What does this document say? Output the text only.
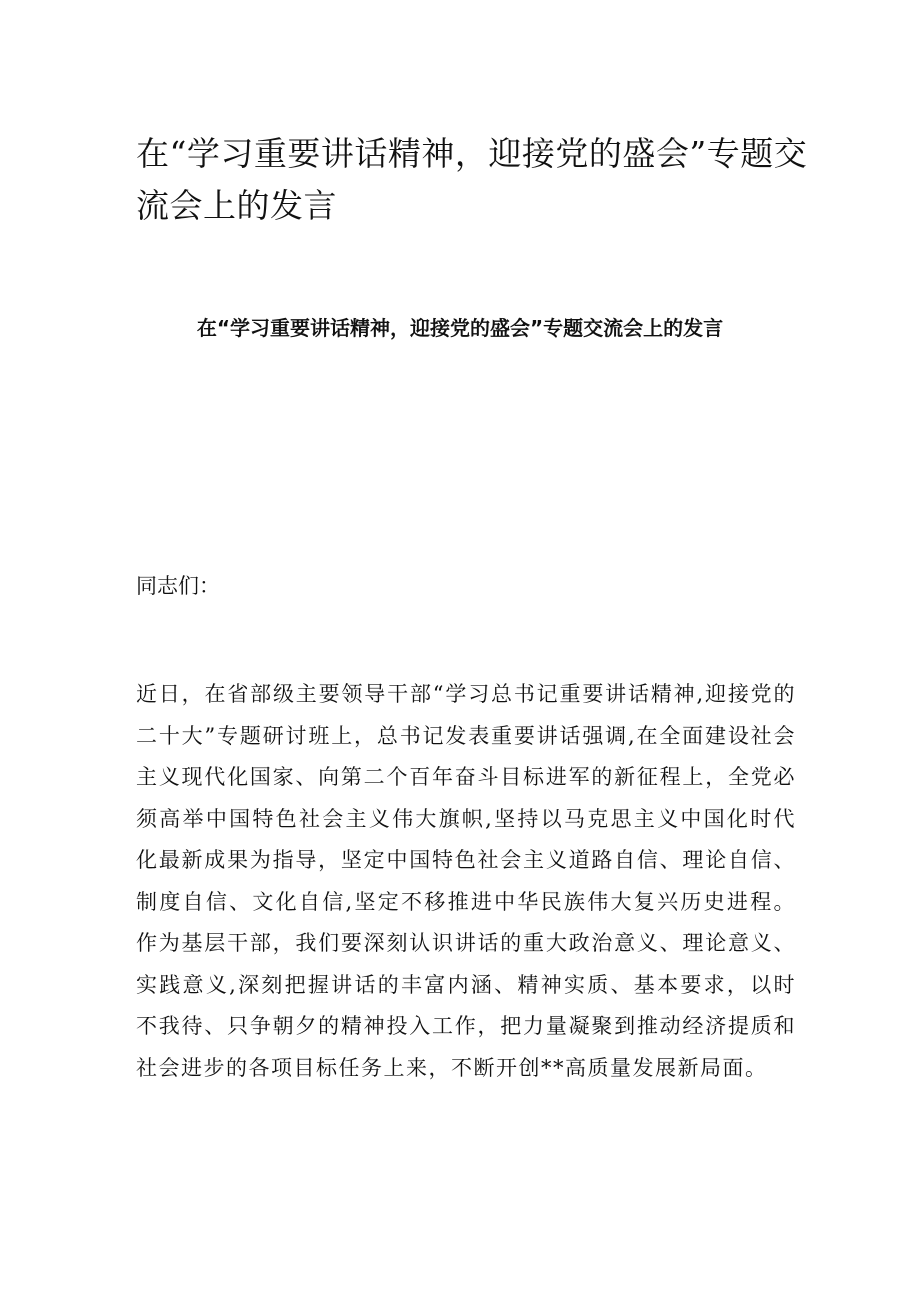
在“学习重要讲话精神，迎接党的盛会”专题交流会上的发言
在“学习重要讲话精神，迎接党的盛会”专题交流会上的发言

同志们：

近日，在省部级主要领导干部“学习总书记重要讲话精神,迎接党的二十大”专题研讨班上，总书记发表重要讲话强调,在全面建设社会主义现代化国家、向第二个百年奋斗目标进军的新征程上，全党必须高举中国特色社会主义伟大旗帜,坚持以马克思主义中国化时代化最新成果为指导，坚定中国特色社会主义道路自信、理论自信、制度自信、文化自信,坚定不移推进中华民族伟大复兴历史进程。作为基层干部，我们要深刻认识讲话的重大政治意义、理论意义、实践意义,深刻把握讲话的丰富内涵、精神实质、基本要求，以时不我待、只争朝夕的精神投入工作，把力量凝聚到推动经济提质和社会进步的各项目标任务上来，不断开创**高质量发展新局面。
